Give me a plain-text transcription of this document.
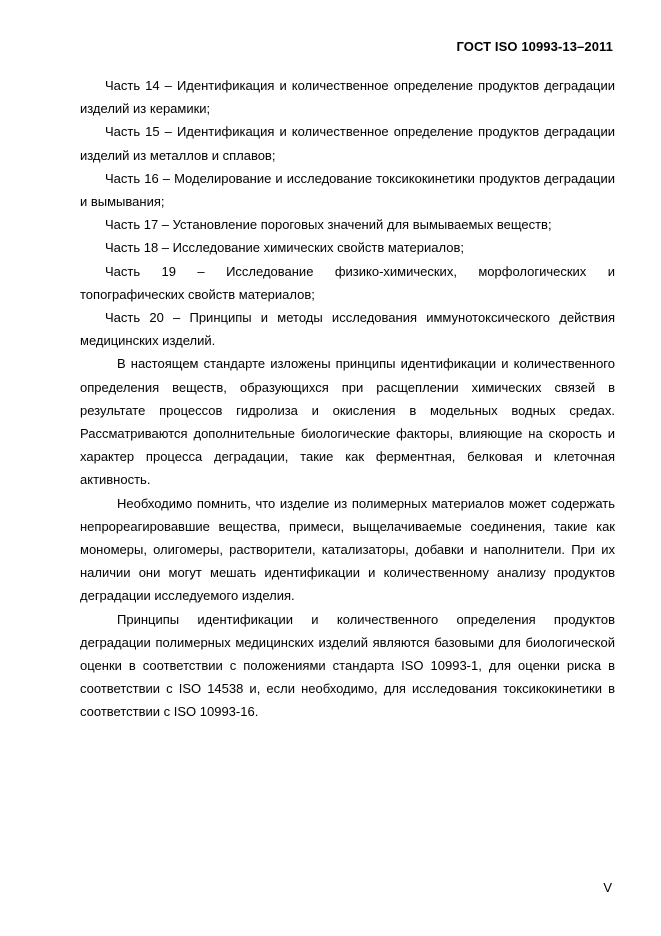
ГОСТ ISO 10993-13–2011

Часть 14 – Идентификация и количественное определение продуктов деградации изделий из керамики;

Часть 15 – Идентификация и количественное определение продуктов деградации изделий из металлов и сплавов;

Часть 16 – Моделирование и исследование токсикокинетики продуктов деградации и вымывания;

Часть 17 – Установление пороговых значений для вымываемых веществ;

Часть 18 – Исследование химических свойств материалов;

Часть 19 – Исследование физико-химических, морфологических и топографических свойств материалов;

Часть 20 – Принципы и методы исследования иммунотоксического действия медицинских изделий.

В настоящем стандарте изложены принципы идентификации и количественного определения веществ, образующихся при расщеплении химических связей в результате процессов гидролиза и окисления в модельных водных средах. Рассматриваются дополнительные биологические факторы, влияющие на скорость и характер процесса деградации, такие как ферментная, белковая и клеточная активность.

Необходимо помнить, что изделие из полимерных материалов может содержать непрореагировавшие вещества, примеси, выщелачиваемые соединения, такие как мономеры, олигомеры, растворители, катализаторы, добавки и наполнители. При их наличии они могут мешать идентификации и количественному анализу продуктов деградации исследуемого изделия.

Принципы идентификации и количественного определения продуктов деградации полимерных медицинских изделий являются базовыми для биологической оценки в соответствии с положениями стандарта ISO 10993-1, для оценки риска в соответствии с ISO 14538 и, если необходимо, для исследования токсикокинетики в соответствии с ISO 10993-16.

V
